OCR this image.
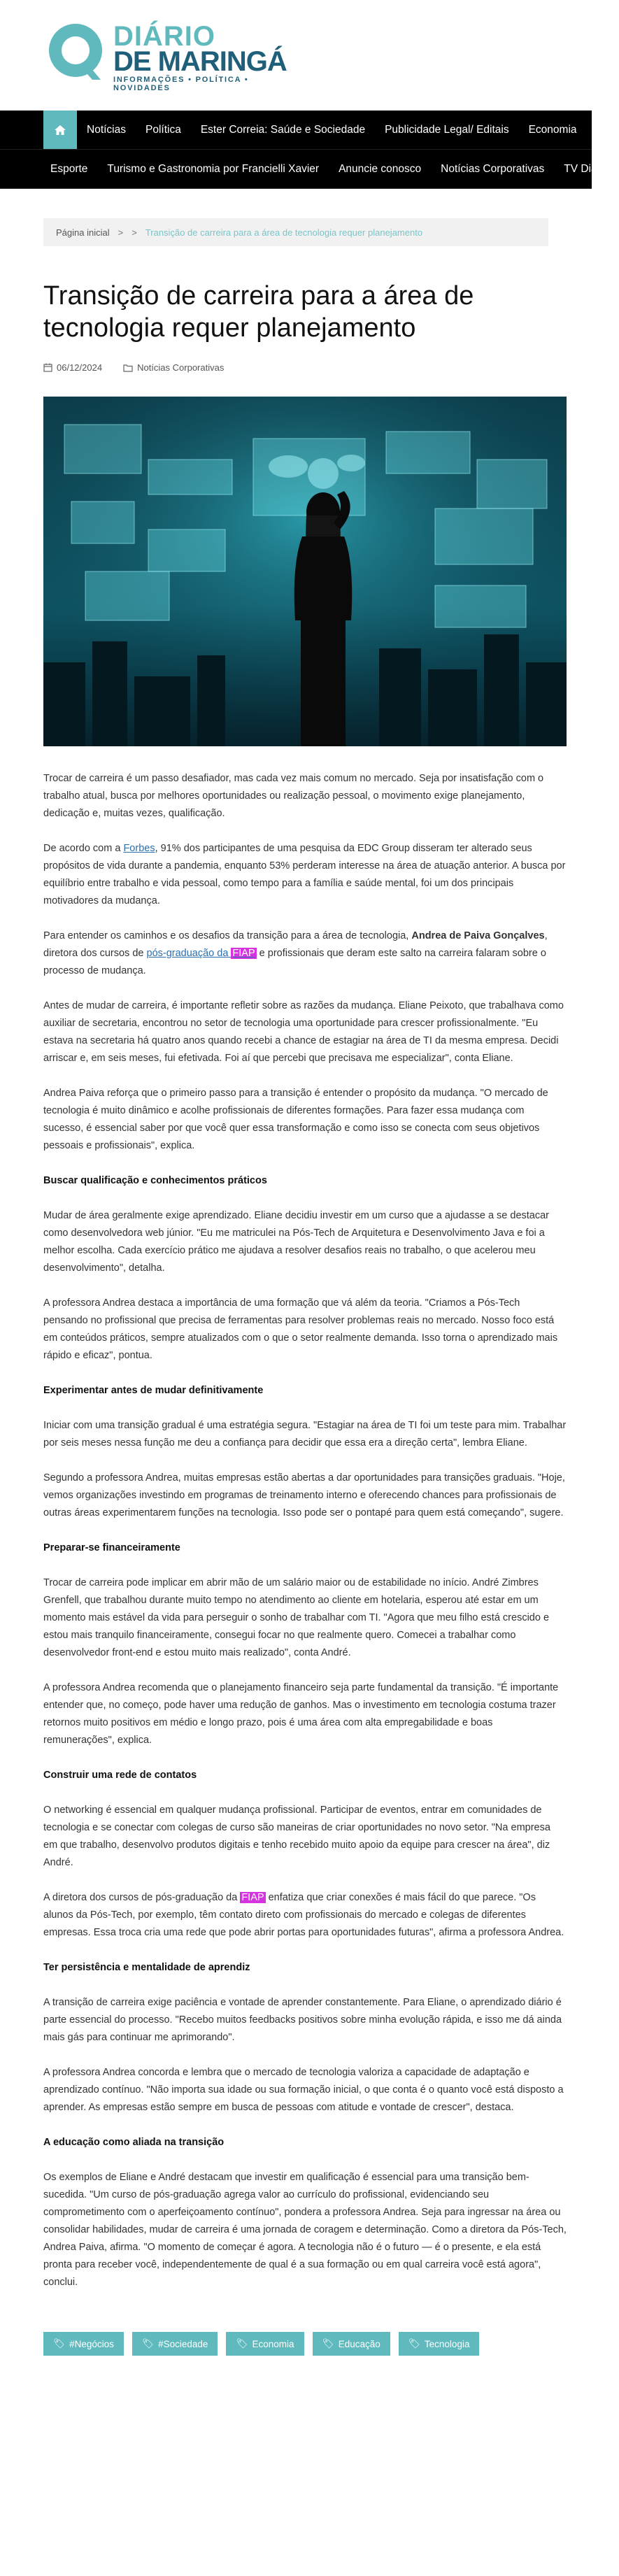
DIÁRIO
DE MARINGÁ
INFORMAÇÕES • POLÍTICA • NOVIDADES
Notícias	Política	Ester Correia: Saúde e Sociedade	Publicidade Legal/ Editais	Economia
Esporte	Turismo e Gastronomia por Francielli Xavier	Anuncie conosco	Notícias Corporativas	TV Diário
Página inicial > > Transição de carreira para a área de tecnologia requer planejamento
Transição de carreira para a área de tecnologia requer planejamento
06/12/2024	Notícias Corporativas

Trocar de carreira é um passo desafiador, mas cada vez mais comum no mercado. Seja por insatisfação com o trabalho atual, busca por melhores oportunidades ou realização pessoal, o movimento exige planejamento, dedicação e, muitas vezes, qualificação.

De acordo com a Forbes, 91% dos participantes de uma pesquisa da EDC Group disseram ter alterado seus propósitos de vida durante a pandemia, enquanto 53% perderam interesse na área de atuação anterior. A busca por equilíbrio entre trabalho e vida pessoal, como tempo para a família e saúde mental, foi um dos principais motivadores da mudança.

Para entender os caminhos e os desafios da transição para a área de tecnologia, Andrea de Paiva Gonçalves, diretora dos cursos de pós-graduação da FIAP e profissionais que deram este salto na carreira falaram sobre o processo de mudança.

Antes de mudar de carreira, é importante refletir sobre as razões da mudança. Eliane Peixoto, que trabalhava como auxiliar de secretaria, encontrou no setor de tecnologia uma oportunidade para crescer profissionalmente. "Eu estava na secretaria há quatro anos quando recebi a chance de estagiar na área de TI da mesma empresa. Decidi arriscar e, em seis meses, fui efetivada. Foi aí que percebi que precisava me especializar", conta Eliane.

Andrea Paiva reforça que o primeiro passo para a transição é entender o propósito da mudança. "O mercado de tecnologia é muito dinâmico e acolhe profissionais de diferentes formações. Para fazer essa mudança com sucesso, é essencial saber por que você quer essa transformação e como isso se conecta com seus objetivos pessoais e profissionais", explica.

Buscar qualificação e conhecimentos práticos

Mudar de área geralmente exige aprendizado. Eliane decidiu investir em um curso que a ajudasse a se destacar como desenvolvedora web júnior. "Eu me matriculei na Pós-Tech de Arquitetura e Desenvolvimento Java e foi a melhor escolha. Cada exercício prático me ajudava a resolver desafios reais no trabalho, o que acelerou meu desenvolvimento", detalha.

A professora Andrea destaca a importância de uma formação que vá além da teoria. "Criamos a Pós-Tech pensando no profissional que precisa de ferramentas para resolver problemas reais no mercado. Nosso foco está em conteúdos práticos, sempre atualizados com o que o setor realmente demanda. Isso torna o aprendizado mais rápido e eficaz", pontua.

Experimentar antes de mudar definitivamente

Iniciar com uma transição gradual é uma estratégia segura. "Estagiar na área de TI foi um teste para mim. Trabalhar por seis meses nessa função me deu a confiança para decidir que essa era a direção certa", lembra Eliane.

Segundo a professora Andrea, muitas empresas estão abertas a dar oportunidades para transições graduais. "Hoje, vemos organizações investindo em programas de treinamento interno e oferecendo chances para profissionais de outras áreas experimentarem funções na tecnologia. Isso pode ser o pontapé para quem está começando", sugere.

Preparar-se financeiramente

Trocar de carreira pode implicar em abrir mão de um salário maior ou de estabilidade no início. André Zimbres Grenfell, que trabalhou durante muito tempo no atendimento ao cliente em hotelaria, esperou até estar em um momento mais estável da vida para perseguir o sonho de trabalhar com TI. "Agora que meu filho está crescido e estou mais tranquilo financeiramente, consegui focar no que realmente quero. Comecei a trabalhar como desenvolvedor front-end e estou muito mais realizado", conta André.

A professora Andrea recomenda que o planejamento financeiro seja parte fundamental da transição. "É importante entender que, no começo, pode haver uma redução de ganhos. Mas o investimento em tecnologia costuma trazer retornos muito positivos em médio e longo prazo, pois é uma área com alta empregabilidade e boas remunerações", explica.

Construir uma rede de contatos

O networking é essencial em qualquer mudança profissional. Participar de eventos, entrar em comunidades de tecnologia e se conectar com colegas de curso são maneiras de criar oportunidades no novo setor. "Na empresa em que trabalho, desenvolvo produtos digitais e tenho recebido muito apoio da equipe para crescer na área", diz André.

A diretora dos cursos de pós-graduação da FIAP enfatiza que criar conexões é mais fácil do que parece. "Os alunos da Pós-Tech, por exemplo, têm contato direto com profissionais do mercado e colegas de diferentes empresas. Essa troca cria uma rede que pode abrir portas para oportunidades futuras", afirma a professora Andrea.

Ter persistência e mentalidade de aprendiz

A transição de carreira exige paciência e vontade de aprender constantemente. Para Eliane, o aprendizado diário é parte essencial do processo. "Recebo muitos feedbacks positivos sobre minha evolução rápida, e isso me dá ainda mais gás para continuar me aprimorando".

A professora Andrea concorda e lembra que o mercado de tecnologia valoriza a capacidade de adaptação e aprendizado contínuo. "Não importa sua idade ou sua formação inicial, o que conta é o quanto você está disposto a aprender. As empresas estão sempre em busca de pessoas com atitude e vontade de crescer", destaca.

A educação como aliada na transição

Os exemplos de Eliane e André destacam que investir em qualificação é essencial para uma transição bem-sucedida. "Um curso de pós-graduação agrega valor ao currículo do profissional, evidenciando seu comprometimento com o aperfeiçoamento contínuo", pondera a professora Andrea. Seja para ingressar na área ou consolidar habilidades, mudar de carreira é uma jornada de coragem e determinação. Como a diretora da Pós-Tech, Andrea Paiva, afirma. "O momento de começar é agora. A tecnologia não é o futuro — é o presente, e ela está pronta para receber você, independentemente de qual é a sua formação ou em qual carreira você está agora", conclui.

🏷︎ #Negócios	🏷︎ #Sociedade	🏷︎ Economia	🏷︎ Educação	🏷︎ Tecnologia
